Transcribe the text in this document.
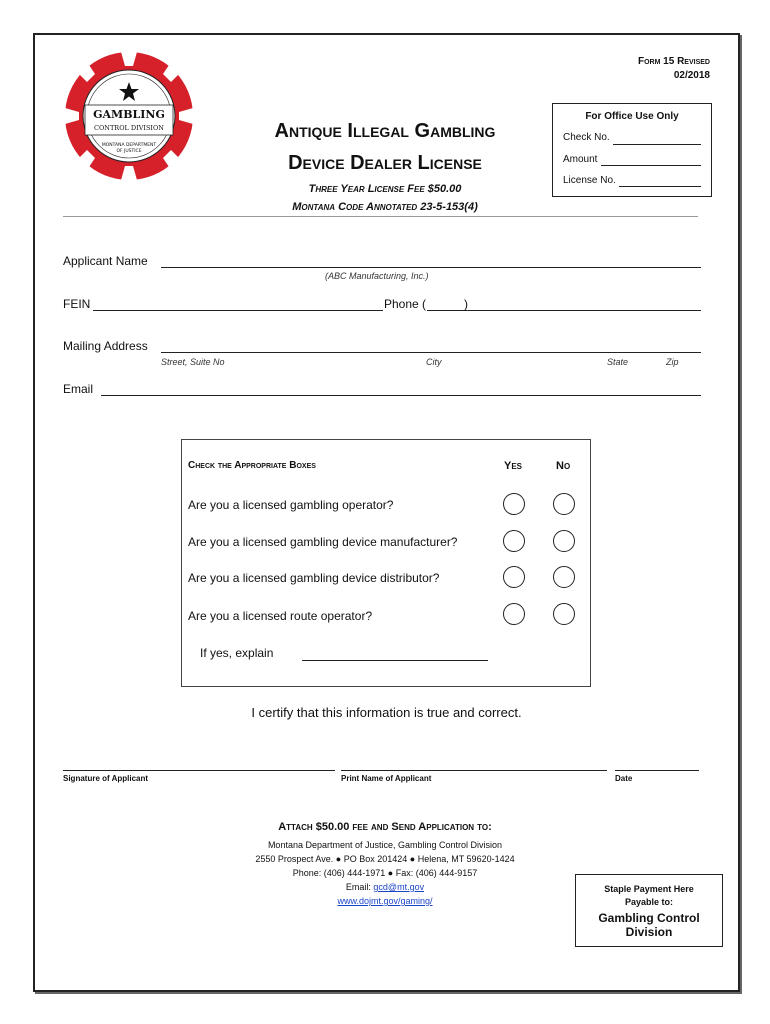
GAMBLING
CONTROL DIVISION
MONTANA DEPARTMENT
OF JUSTICE
Form 15 Revised
02/2018
For Office Use Only
Check No.
Amount
License No.
Antique Illegal Gambling
Device Dealer License
Three Year License Fee $50.00
Montana Code Annotated 23-5-153(4)
Applicant Name
(ABC Manufacturing, Inc.)
FEIN	Phone (	)
Mailing Address
Street, Suite No	City	State	Zip
Email
Check the Appropriate Boxes	Yes	No
Are you a licensed gambling operator?
Are you a licensed gambling device manufacturer?
Are you a licensed gambling device distributor?
Are you a licensed route operator?
If yes, explain
I certify that this information is true and correct.
Signature of Applicant	Print Name of Applicant	Date
Attach $50.00 fee and Send Application to:
Montana Department of Justice, Gambling Control Division
2550 Prospect Ave. ● PO Box 201424 ● Helena, MT 59620-1424
Phone: (406) 444-1971 ● Fax: (406) 444-9157
Email: gcd@mt.gov
www.dojmt.gov/gaming/
Staple Payment Here
Payable to:
Gambling Control
Division
